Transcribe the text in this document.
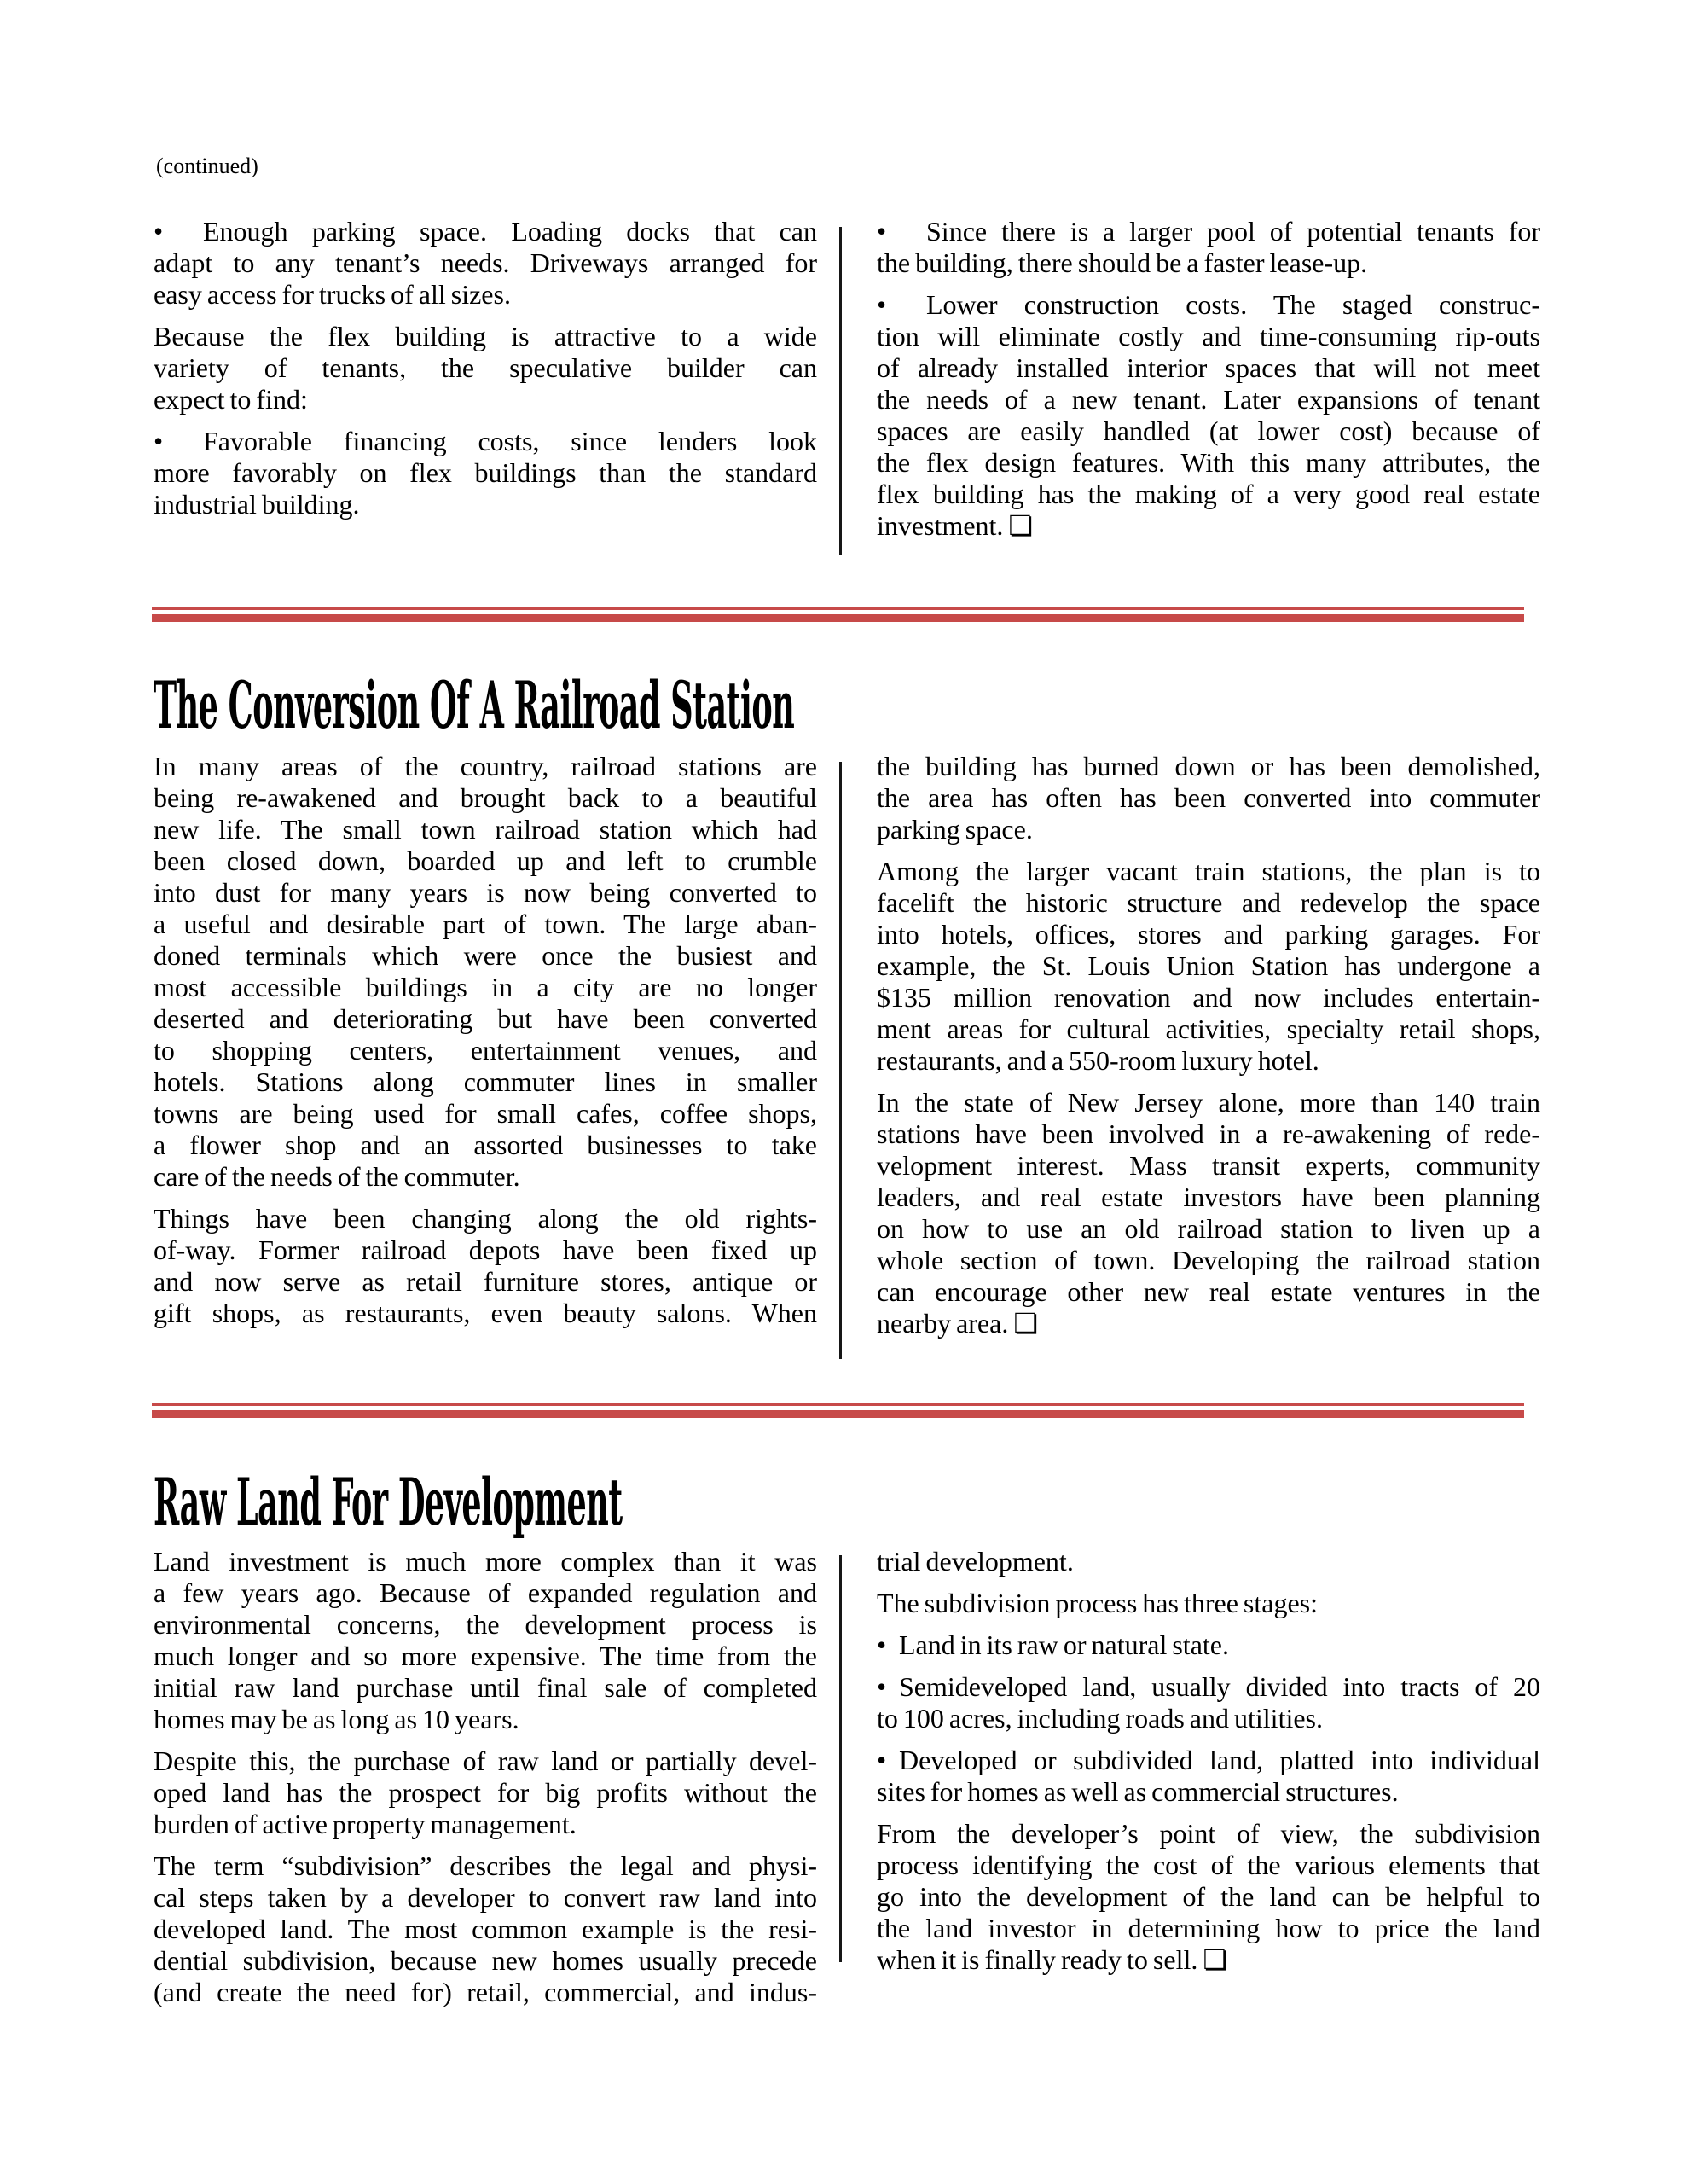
(continued)
• Enough parking space. Loading docks that can
adapt to any tenant’s needs. Driveways arranged for
easy access for trucks of all sizes.
Because the flex building is attractive to a wide
variety of tenants, the speculative builder can
expect to find:
• Favorable financing costs, since lenders look
more favorably on flex buildings than the standard
industrial building.
• Since there is a larger pool of potential tenants for
the building, there should be a faster lease-up.
• Lower construction costs. The staged construc-
tion will eliminate costly and time-consuming rip-outs
of already installed interior spaces that will not meet
the needs of a new tenant. Later expansions of tenant
spaces are easily handled (at lower cost) because of
the flex design features. With this many attributes, the
flex building has the making of a very good real estate
investment. ❏
The Conversion Of A Railroad Station
In many areas of the country, railroad stations are
being re-awakened and brought back to a beautiful
new life. The small town railroad station which had
been closed down, boarded up and left to crumble
into dust for many years is now being converted to
a useful and desirable part of town. The large aban-
doned terminals which were once the busiest and
most accessible buildings in a city are no longer
deserted and deteriorating but have been converted
to shopping centers, entertainment venues, and
hotels. Stations along commuter lines in smaller
towns are being used for small cafes, coffee shops,
a flower shop and an assorted businesses to take
care of the needs of the commuter.
Things have been changing along the old rights-
of-way. Former railroad depots have been fixed up
and now serve as retail furniture stores, antique or
gift shops, as restaurants, even beauty salons. When
the building has burned down or has been demolished,
the area has often has been converted into commuter
parking space.
Among the larger vacant train stations, the plan is to
facelift the historic structure and redevelop the space
into hotels, offices, stores and parking garages. For
example, the St. Louis Union Station has undergone a
$135 million renovation and now includes entertain-
ment areas for cultural activities, specialty retail shops,
restaurants, and a 550-room luxury hotel.
In the state of New Jersey alone, more than 140 train
stations have been involved in a re-awakening of rede-
velopment interest. Mass transit experts, community
leaders, and real estate investors have been planning
on how to use an old railroad station to liven up a
whole section of town. Developing the railroad station
can encourage other new real estate ventures in the
nearby area. ❏
Raw Land For Development
Land investment is much more complex than it was
a few years ago. Because of expanded regulation and
environmental concerns, the development process is
much longer and so more expensive. The time from the
initial raw land purchase until final sale of completed
homes may be as long as 10 years.
Despite this, the purchase of raw land or partially devel-
oped land has the prospect for big profits without the
burden of active property management.
The term “subdivision” describes the legal and physi-
cal steps taken by a developer to convert raw land into
developed land. The most common example is the resi-
dential subdivision, because new homes usually precede
(and create the need for) retail, commercial, and indus-
trial development.
The subdivision process has three stages:
• Land in its raw or natural state.
• Semideveloped land, usually divided into tracts of 20
to 100 acres, including roads and utilities.
• Developed or subdivided land, platted into individual
sites for homes as well as commercial structures.
From the developer’s point of view, the subdivision
process identifying the cost of the various elements that
go into the development of the land can be helpful to
the land investor in determining how to price the land
when it is finally ready to sell. ❏
